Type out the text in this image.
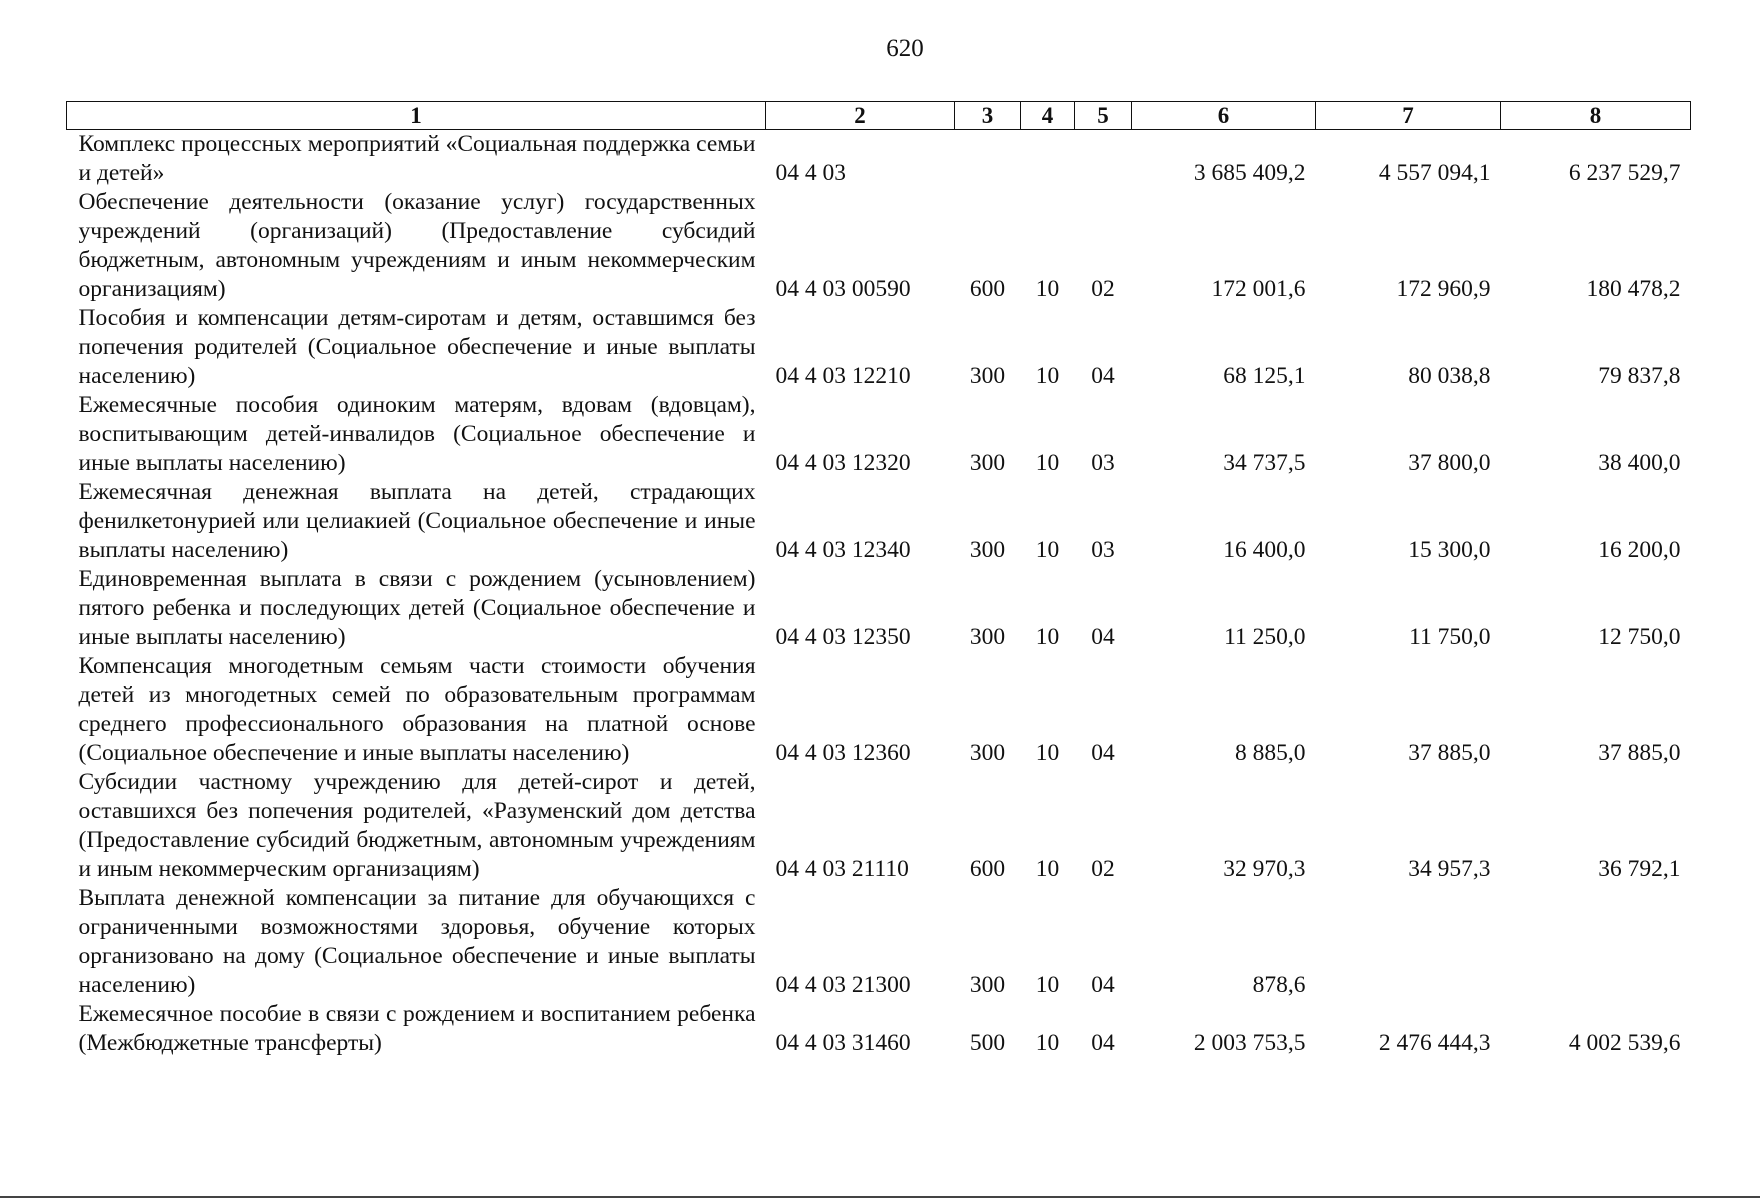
620
1	2	3	4	5	6	7	8
Комплекс процессных мероприятий «Социальная поддержка семьи и детей»	04 4 03				3 685 409,2	4 557 094,1	6 237 529,7
Обеспечение деятельности (оказание услуг) государственных учреждений (организаций) (Предоставление субсидий бюджетным, автономным учреждениям и иным некоммерческим организациям)	04 4 03 00590	600	10	02	172 001,6	172 960,9	180 478,2
Пособия и компенсации детям-сиротам и детям, оставшимся без попечения родителей (Социальное обеспечение и иные выплаты населению)	04 4 03 12210	300	10	04	68 125,1	80 038,8	79 837,8
Ежемесячные пособия одиноким матерям, вдовам (вдовцам), воспитывающим детей-инвалидов (Социальное обеспечение и иные выплаты населению)	04 4 03 12320	300	10	03	34 737,5	37 800,0	38 400,0
Ежемесячная денежная выплата на детей, страдающих фенилкетонурией или целиакией (Социальное обеспечение и иные выплаты населению)	04 4 03 12340	300	10	03	16 400,0	15 300,0	16 200,0
Единовременная выплата в связи с рождением (усыновлением) пятого ребенка и последующих детей (Социальное обеспечение и иные выплаты населению)	04 4 03 12350	300	10	04	11 250,0	11 750,0	12 750,0
Компенсация многодетным семьям части стоимости обучения детей из многодетных семей по образовательным программам среднего профессионального образования на платной основе (Социальное обеспечение и иные выплаты населению)	04 4 03 12360	300	10	04	8 885,0	37 885,0	37 885,0
Субсидии частному учреждению для детей-сирот и детей, оставшихся без попечения родителей, «Разуменский дом детства (Предоставление субсидий бюджетным, автономным учреждениям и иным некоммерческим организациям)	04 4 03 21110	600	10	02	32 970,3	34 957,3	36 792,1
Выплата денежной компенсации за питание для обучающихся с ограниченными возможностями здоровья, обучение которых организовано на дому (Социальное обеспечение и иные выплаты населению)	04 4 03 21300	300	10	04	878,6		
Ежемесячное пособие в связи с рождением и воспитанием ребенка (Межбюджетные трансферты)	04 4 03 31460	500	10	04	2 003 753,5	2 476 444,3	4 002 539,6
